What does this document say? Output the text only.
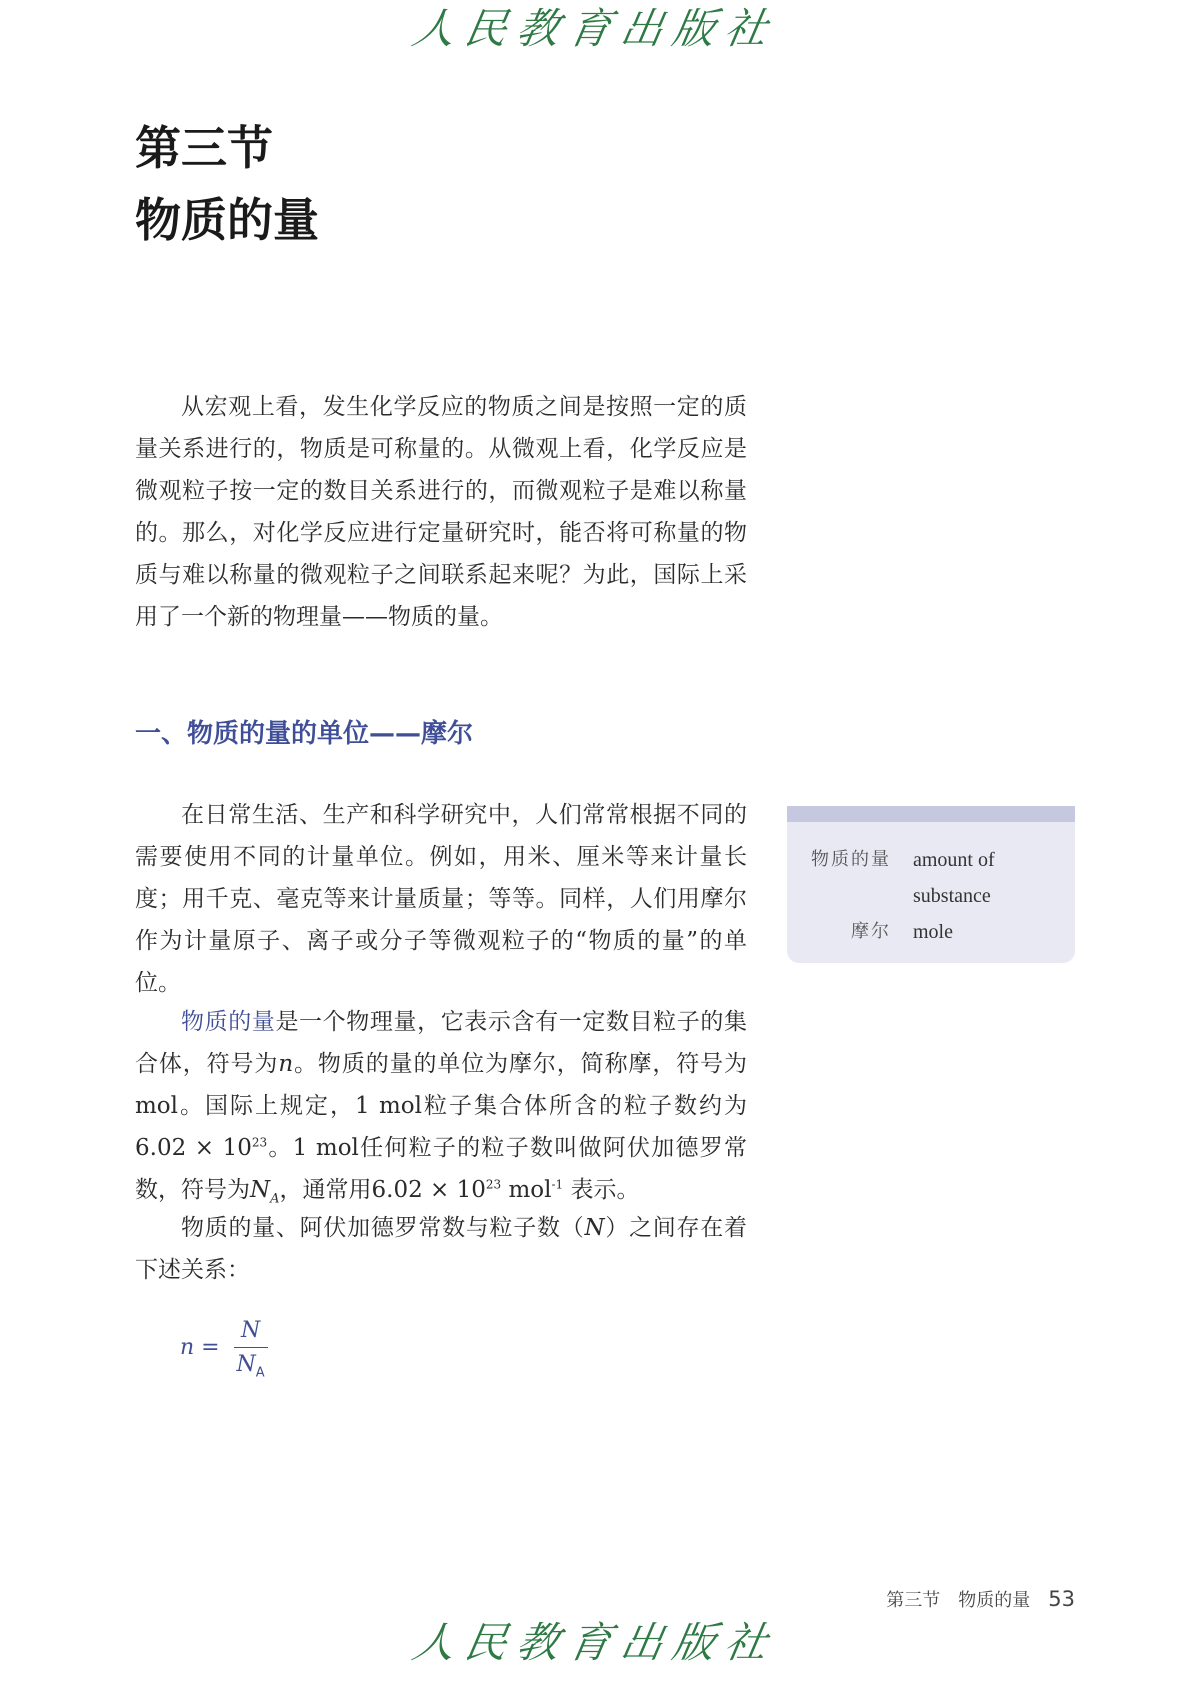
人民教育出版社
第三节
物质的量

从宏观上看，发生化学反应的物质之间是按照一定的质量关系进行的，物质是可称量的。从微观上看，化学反应是微观粒子按一定的数目关系进行的，而微观粒子是难以称量的。那么，对化学反应进行定量研究时，能否将可称量的物质与难以称量的微观粒子之间联系起来呢？为此，国际上采用了一个新的物理量——物质的量。

一、物质的量的单位——摩尔

在日常生活、生产和科学研究中，人们常常根据不同的需要使用不同的计量单位。例如，用米、厘米等来计量长度；用千克、毫克等来计量质量；等等。同样，人们用摩尔作为计量原子、离子或分子等微观粒子的“物质的量”的单位。

物质的量是一个物理量，它表示含有一定数目粒子的集合体，符号为n。物质的量的单位为摩尔，简称摩，符号为mol。国际上规定，1 mol粒子集合体所含的粒子数约为$6.02 \times 10^{23}$。1 mol任何粒子的粒子数叫做阿伏加德罗常数，符号为$N_A$，通常用$6.02 \times 10^{23}$ mol$^{-1}$ 表示。

物质的量、阿伏加德罗常数与粒子数（N）之间存在着下述关系：

$n = \frac{N}{N_A}$
物质的量 amount of
substance
摩尔 mole
第三节　物质的量 53
人民教育出版社
